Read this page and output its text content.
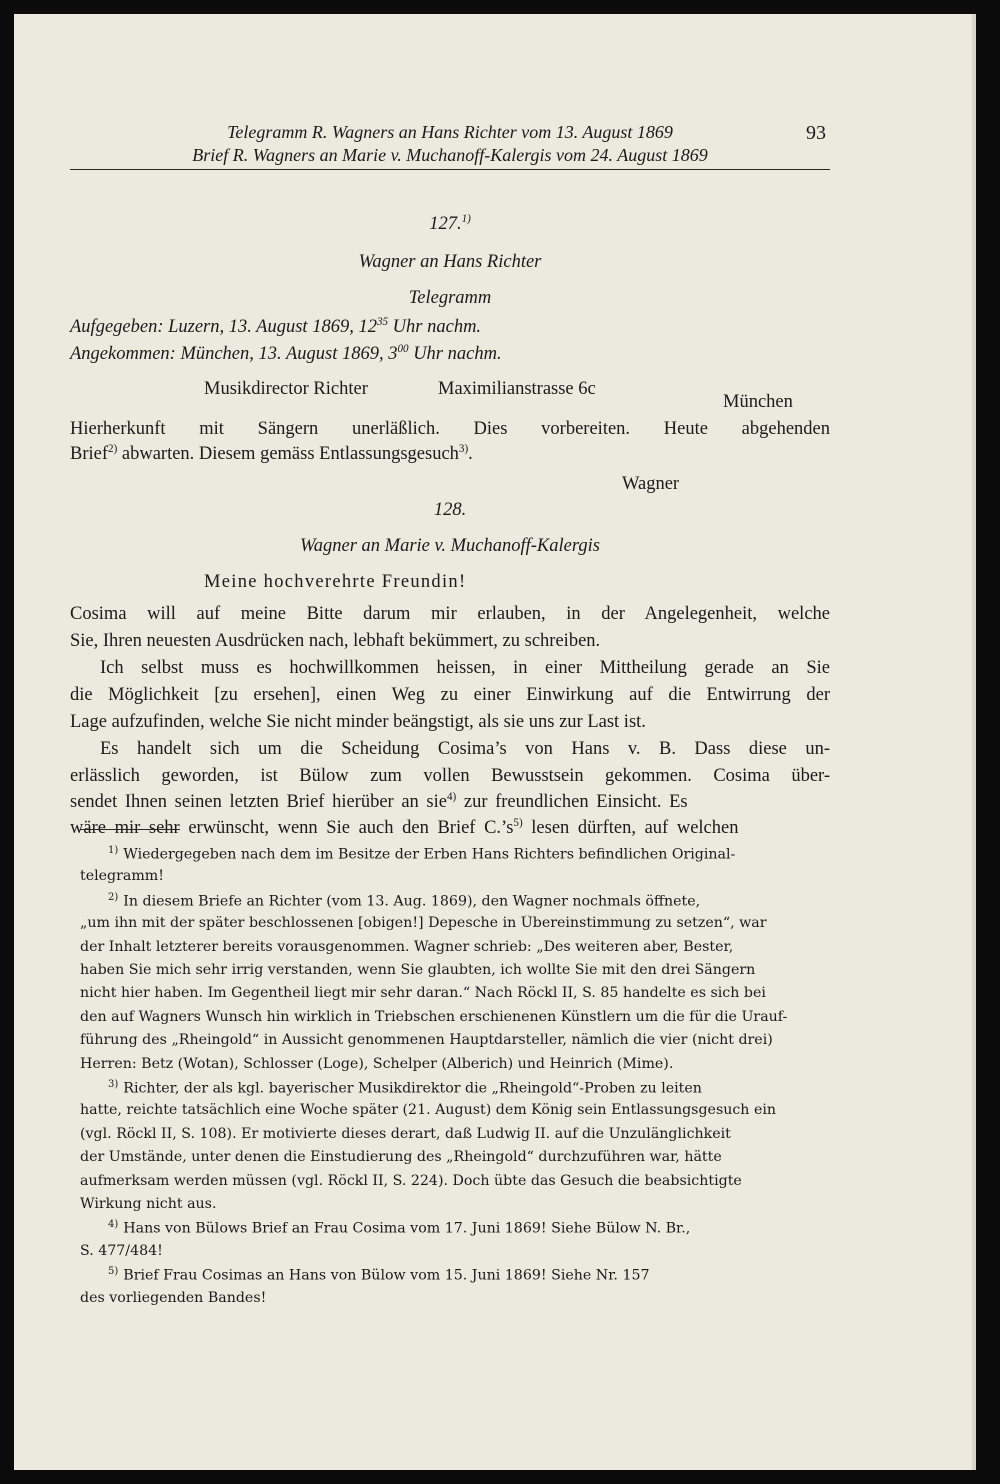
Telegramm R. Wagners an Hans Richter vom 13. August 1869
Brief R. Wagners an Marie v. Muchanoff-Kalergis vom 24. August 1869
93
127.$^{1)}$
Wagner an Hans Richter
Telegramm
Aufgegeben: Luzern, 13. August 1869, $12^{35}$ Uhr nachm.
Angekommen: München, 13. August 1869, $3^{00}$ Uhr nachm.
Musikdirector Richter	Maximilianstrasse 6c
München
Hierherkunft mit Sängern unerläßlich. Dies vorbereiten. Heute abgehenden
Brief$^{2)}$ abwarten. Diesem gemäss Entlassungsgesuch$^{3)}$.
Wagner
128.
Wagner an Marie v. Muchanoff-Kalergis
Meine hochverehrte Freundin!
Cosima will auf meine Bitte darum mir erlauben, in der Angelegenheit, welche
Sie, Ihren neuesten Ausdrücken nach, lebhaft bekümmert, zu schreiben.
Ich selbst muss es hochwillkommen heissen, in einer Mittheilung gerade an Sie
die Möglichkeit [zu ersehen], einen Weg zu einer Einwirkung auf die Entwirrung der
Lage aufzufinden, welche Sie nicht minder beängstigt, als sie uns zur Last ist.
Es handelt sich um die Scheidung Cosima’s von Hans v. B. Dass diese un-
erlässlich geworden, ist Bülow zum vollen Bewusstsein gekommen. Cosima über-
sendet Ihnen seinen letzten Brief hierüber an sie$^{4)}$ zur freundlichen Einsicht. Es
wäre mir sehr erwünscht, wenn Sie auch den Brief $C.’s^{5)}$ lesen dürften, auf welchen
$^{1)}$ Wiedergegeben nach dem im Besitze der Erben Hans Richters befindlichen Original-
telegramm!
$^{2)}$ In diesem Briefe an Richter (vom 13. Aug. 1869), den Wagner nochmals öffnete,
„um ihn mit der später beschlossenen [obigen!] Depesche in Übereinstimmung zu setzen“, war
der Inhalt letzterer bereits vorausgenommen. Wagner schrieb: „Des weiteren aber, Bester,
haben Sie mich sehr irrig verstanden, wenn Sie glaubten, ich wollte Sie mit den drei Sängern
nicht hier haben. Im Gegentheil liegt mir sehr daran.“ Nach Röckl II, S. 85 handelte es sich bei
den auf Wagners Wunsch hin wirklich in Triebschen erschienenen Künstlern um die für die Urauf-
führung des „Rheingold“ in Aussicht genommenen Hauptdarsteller, nämlich die vier (nicht drei)
Herren: Betz (Wotan), Schlosser (Loge), Schelper (Alberich) und Heinrich (Mime).
$^{3)}$ Richter, der als kgl. bayerischer Musikdirektor die „Rheingold“-Proben zu leiten
hatte, reichte tatsächlich eine Woche später (21. August) dem König sein Entlassungsgesuch ein
(vgl. Röckl II, S. 108). Er motivierte dieses derart, daß Ludwig II. auf die Unzulänglichkeit
der Umstände, unter denen die Einstudierung des „Rheingold“ durchzuführen war, hätte
aufmerksam werden müssen (vgl. Röckl II, S. 224). Doch übte das Gesuch die beabsichtigte
Wirkung nicht aus.
$^{4)}$ Hans von Bülows Brief an Frau Cosima vom 17. Juni 1869! Siehe Bülow N. Br.,
S. 477/484!
$^{5)}$ Brief Frau Cosimas an Hans von Bülow vom 15. Juni 1869! Siehe Nr. 157
des vorliegenden Bandes!
